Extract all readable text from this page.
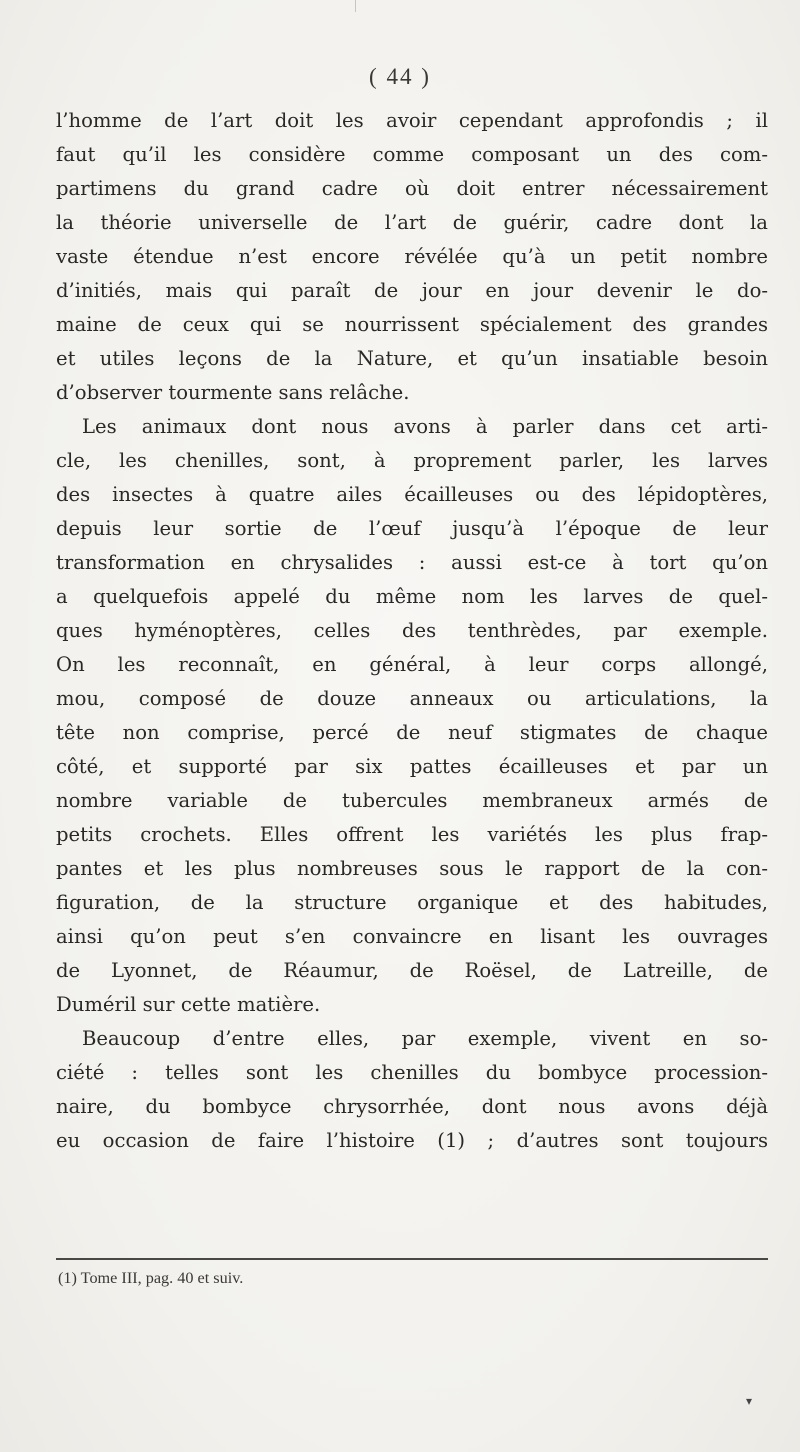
( 44 )
l’homme de l’art doit les avoir cependant approfondis ; il
faut qu’il les considère comme composant un des com-
partimens du grand cadre où doit entrer nécessairement
la théorie universelle de l’art de guérir, cadre dont la
vaste étendue n’est encore révélée qu’à un petit nombre
d’initiés, mais qui paraît de jour en jour devenir le do-
maine de ceux qui se nourrissent spécialement des grandes
et utiles leçons de la Nature, et qu’un insatiable besoin
d’observer tourmente sans relâche.
Les animaux dont nous avons à parler dans cet arti-
cle, les chenilles, sont, à proprement parler, les larves
des insectes à quatre ailes écailleuses ou des lépidoptères,
depuis leur sortie de l’œuf jusqu’à l’époque de leur
transformation en chrysalides : aussi est-ce à tort qu’on
a quelquefois appelé du même nom les larves de quel-
ques hyménoptères, celles des tenthrèdes, par exemple.
On les reconnaît, en général, à leur corps allongé,
mou, composé de douze anneaux ou articulations, la
tête non comprise, percé de neuf stigmates de chaque
côté, et supporté par six pattes écailleuses et par un
nombre variable de tubercules membraneux armés de
petits crochets. Elles offrent les variétés les plus frap-
pantes et les plus nombreuses sous le rapport de la con-
figuration, de la structure organique et des habitudes,
ainsi qu’on peut s’en convaincre en lisant les ouvrages
de Lyonnet, de Réaumur, de Roësel, de Latreille, de
Duméril sur cette matière.
Beaucoup d’entre elles, par exemple, vivent en so-
ciété : telles sont les chenilles du bombyce procession-
naire, du bombyce chrysorrhée, dont nous avons déjà
eu occasion de faire l’histoire (1) ; d’autres sont toujours
(1) Tome III, pag. 40 et suiv.
▾
